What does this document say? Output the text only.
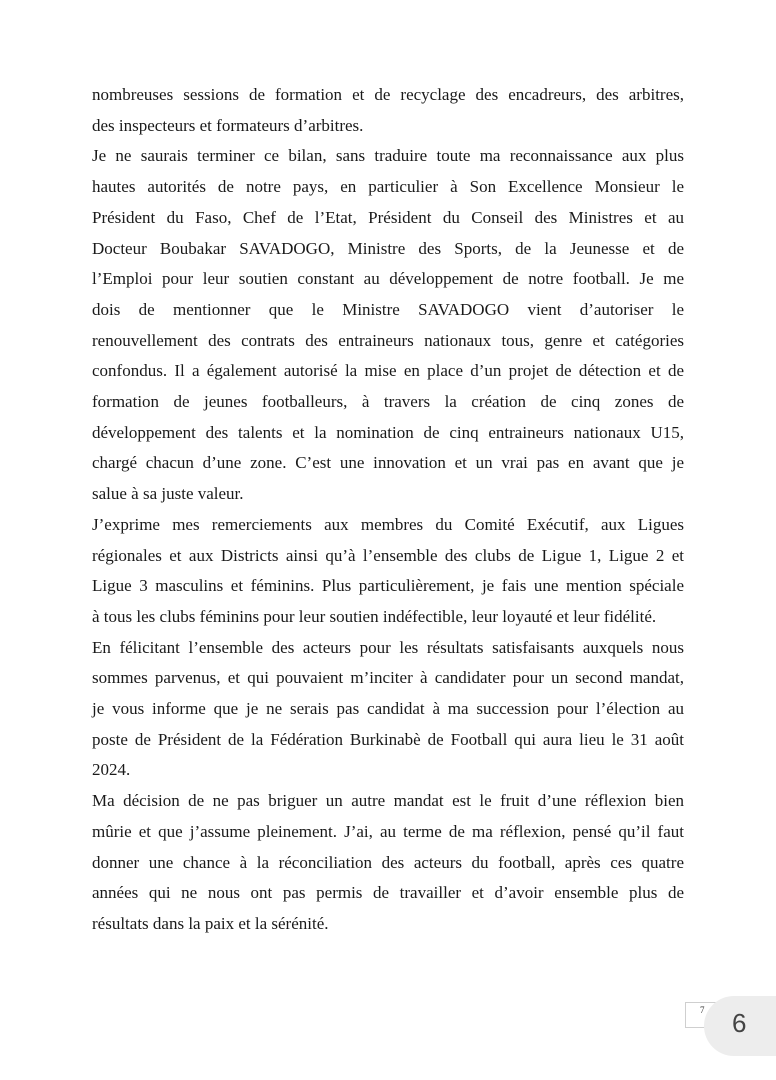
nombreuses sessions de formation et de recyclage des encadreurs, des arbitres,
des inspecteurs et formateurs d’arbitres.

Je ne saurais terminer ce bilan, sans traduire toute ma reconnaissance aux plus
hautes autorités de notre pays, en particulier à Son Excellence Monsieur le
Président du Faso, Chef de l’Etat, Président du Conseil des Ministres et au
Docteur Boubakar SAVADOGO, Ministre des Sports, de la Jeunesse et de
l’Emploi pour leur soutien constant au développement de notre football. Je me
dois de mentionner que le Ministre SAVADOGO vient d’autoriser le
renouvellement des contrats des entraineurs nationaux tous, genre et catégories
confondus. Il a également autorisé la mise en place d’un projet de détection et de
formation de jeunes footballeurs, à travers la création de cinq zones de
développement des talents et la nomination de cinq entraineurs nationaux U15,
chargé chacun d’une zone. C’est une innovation et un vrai pas en avant que je
salue à sa juste valeur.

J’exprime mes remerciements aux membres du Comité Exécutif, aux Ligues
régionales et aux Districts ainsi qu’à l’ensemble des clubs de Ligue 1, Ligue 2 et
Ligue 3 masculins et féminins. Plus particulièrement, je fais une mention spéciale
à tous les clubs féminins pour leur soutien indéfectible, leur loyauté et leur fidélité.

En félicitant l’ensemble des acteurs pour les résultats satisfaisants auxquels nous
sommes parvenus, et qui pouvaient m’inciter à candidater pour un second mandat,
je vous informe que je ne serais pas candidat à ma succession pour l’élection au
poste de Président de la Fédération Burkinabè de Football qui aura lieu le 31 août
2024.

Ma décision de ne pas briguer un autre mandat est le fruit d’une réflexion bien
mûrie et que j’assume pleinement. J’ai, au terme de ma réflexion, pensé qu’il faut
donner une chance à la réconciliation des acteurs du football, après ces quatre
années qui ne nous ont pas permis de travailler et d’avoir ensemble plus de
résultats dans la paix et la sérénité.

7 6
